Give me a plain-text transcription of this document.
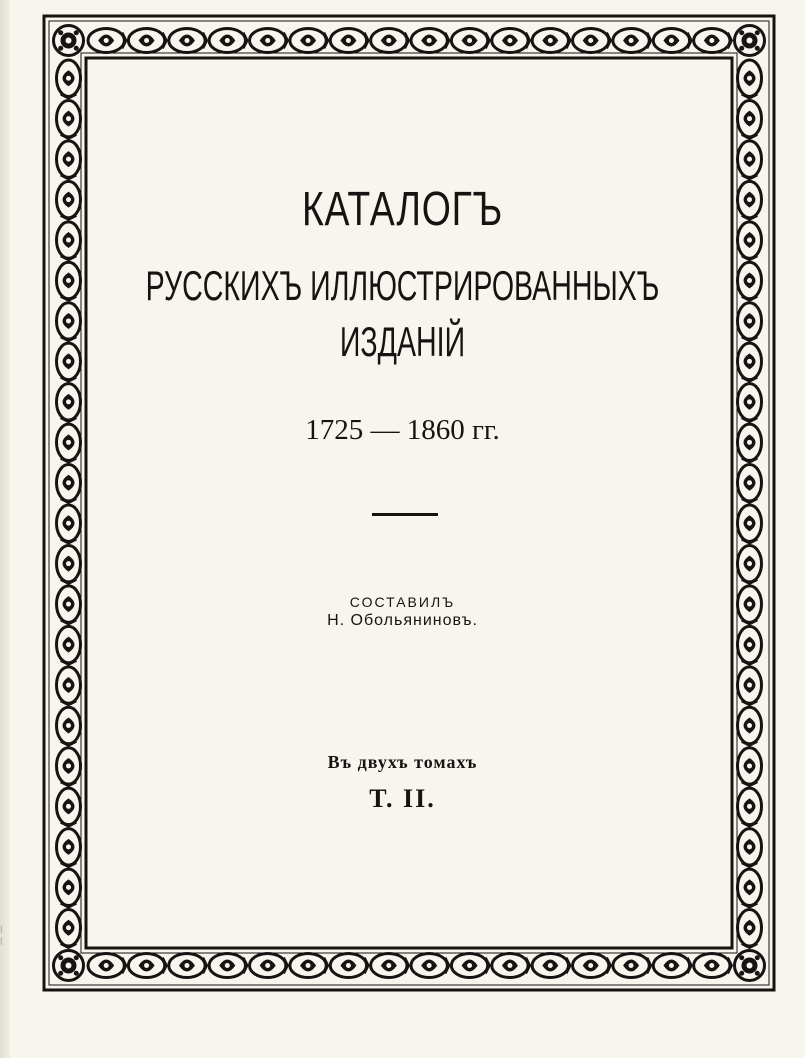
|
|
КАТАЛОГЪ
РУССКИХЪ ИЛЛЮСТРИРОВАННЫХЪ
ИЗДАНІЙ
1725 — 1860 гг.
СОСТАВИЛЪ
Н. Обольяниновъ.
Въ двухъ томахъ
Т. II.
